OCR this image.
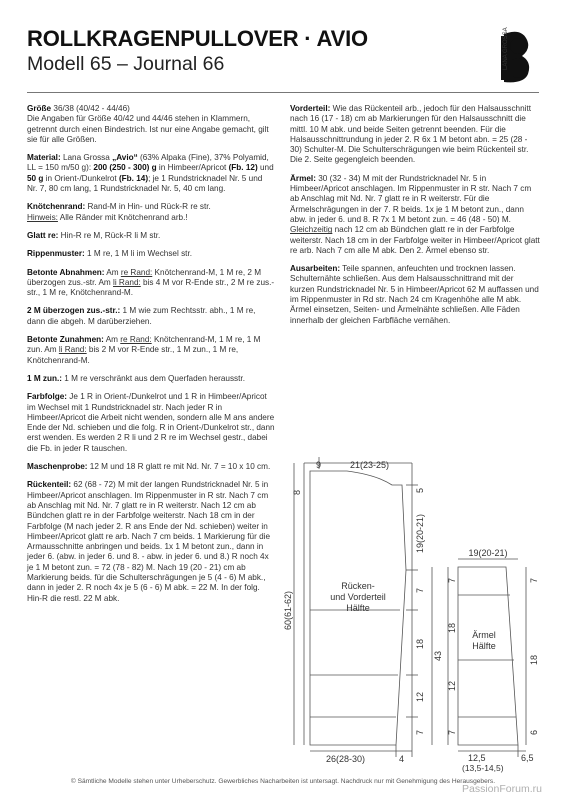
ROLLKRAGENPULLOVER · AVIO
Modell 65 – Journal 66	LANA GROSSA

Größe 36/38 (40/42 - 44/46)
Die Angaben für Größe 40/42 und 44/46 stehen in Klammern, getrennt durch einen Bindestrich. Ist nur eine Angabe gemacht, gilt sie für alle Größen.

Material: Lana Grossa „Avio“ (63% Alpaka (Fine), 37% Polyamid, LL = 150 m/50 g): 200 (250 - 300) g in Himbeer/Apricot (Fb. 12) und 50 g in Orient-/Dunkelrot (Fb. 14); je 1 Rundstricknadel Nr. 5 und Nr. 7, 80 cm lang, 1 Rundstricknadel Nr. 5, 40 cm lang.

Knötchenrand: Rand-M in Hin- und Rück-R re str.
Hinweis: Alle Ränder mit Knötchenrand arb.!

Glatt re: Hin-R re M, Rück-R li M str.

Rippenmuster: 1 M re, 1 M li im Wechsel str.

Betonte Abnahmen: Am re Rand: Knötchenrand-M, 1 M re, 2 M überzogen zus.-str. Am li Rand: bis 4 M vor R-Ende str., 2 M re zus.-str., 1 M re, Knötchenrand-M.

2 M überzogen zus.-str.: 1 M wie zum Rechtsstr. abh., 1 M re, dann die abgeh. M darüberziehen.

Betonte Zunahmen: Am re Rand: Knötchenrand-M, 1 M re, 1 M zun. Am li Rand: bis 2 M vor R-Ende str., 1 M zun., 1 M re, Knötchenrand-M.

1 M zun.: 1 M re verschränkt aus dem Querfaden herausstr.

Farbfolge: Je 1 R in Orient-/Dunkelrot und 1 R in Himbeer/Apricot im Wechsel mit 1 Rundstricknadel str. Nach jeder R in Himbeer/Apricot die Arbeit nicht wenden, sondern alle M ans andere Ende der Nd. schieben und die folg. R in Orient-/Dunkelrot str., dann erst wenden. Es werden 2 R li und 2 R re im Wechsel gestr., dabei die Fb. in jeder R tauschen.

Maschenprobe: 12 M und 18 R glatt re mit Nd. Nr. 7 = 10 x 10 cm.

Rückenteil: 62 (68 - 72) M mit der langen Rundstricknadel Nr. 5 in Himbeer/Apricot anschlagen. Im Rippenmuster in R str. Nach 7 cm ab Anschlag mit Nd. Nr. 7 glatt re in R weiterstr. Nach 12 cm ab Bündchen glatt re in der Farbfolge weiterstr. Nach 18 cm in der Farbfolge (M nach jeder 2. R ans Ende der Nd. schieben) weiter in Himbeer/Apricot glatt re arb. Nach 7 cm beids. 1 Markierung für die Armausschnitte anbringen und beids. 1x 1 M betont zun., dann in jeder 6. (abw. in jeder 6. und 8. - abw. in jeder 6. und 8.) R noch 4x je 1 M betont zun. = 72 (78 - 82) M. Nach 19 (20 - 21) cm ab Markierung beids. für die Schulterschrägungen je 5 (4 - 6) M abk., dann in jeder 2. R noch 4x je 5 (6 - 6) M abk. = 22 M. In der folg. Hin-R die restl. 22 M abk.

Vorderteil: Wie das Rückenteil arb., jedoch für den Halsausschnitt nach 16 (17 - 18) cm ab Markierungen für den Halsausschnitt die mittl. 10 M abk. und beide Seiten getrennt beenden. Für die Halsausschnittrundung in jeder 2. R 6x 1 M betont abn. = 25 (28 - 30) Schulter-M. Die Schulterschrägungen wie beim Rückenteil str. Die 2. Seite gegengleich beenden.

Ärmel: 30 (32 - 34) M mit der Rundstricknadel Nr. 5 in Himbeer/Apricot anschlagen. Im Rippenmuster in R str. Nach 7 cm ab Anschlag mit Nd. Nr. 7 glatt re in R weiterstr. Für die Ärmelschrägungen in der 7. R beids. 1x je 1 M betont zun., dann abw. in jeder 6. und 8. R 7x 1 M betont zun. = 46 (48 - 50) M. Gleichzeitig nach 12 cm ab Bündchen glatt re in der Farbfolge weiterstr. Nach 18 cm in der Farbfolge weiter in Himbeer/Apricot glatt re arb. Nach 7 cm alle M abk. Den 2. Ärmel ebenso str.

Ausarbeiten: Teile spannen, anfeuchten und trocknen lassen. Schulternähte schließen. Aus dem Halsausschnittrand mit der kurzen Rundstricknadel Nr. 5 in Himbeer/Apricot 62 M auffassen und im Rippenmuster in Rd str. Nach 24 cm Kragenhöhe alle M abk. Ärmel einsetzen, Seiten- und Ärmelnähte schließen. Alle Fäden innerhalb der gleichen Farbfläche vernähen.

9	21(23-25)
8	5
19(20-21)
7
18
12
7
60(61-62)
Rücken-
und Vorderteil
Hälfte
26(28-30)	4
19(20-21)
43
7
18
7
18
12
7	6
Ärmel
Hälfte
12,5	6,5
(13,5-14,5)
© Sämtliche Modelle stehen unter Urheberschutz. Gewerbliches Nacharbeiten ist untersagt. Nachdruck nur mit Genehmigung des Herausgebers.
PassionForum.ru
